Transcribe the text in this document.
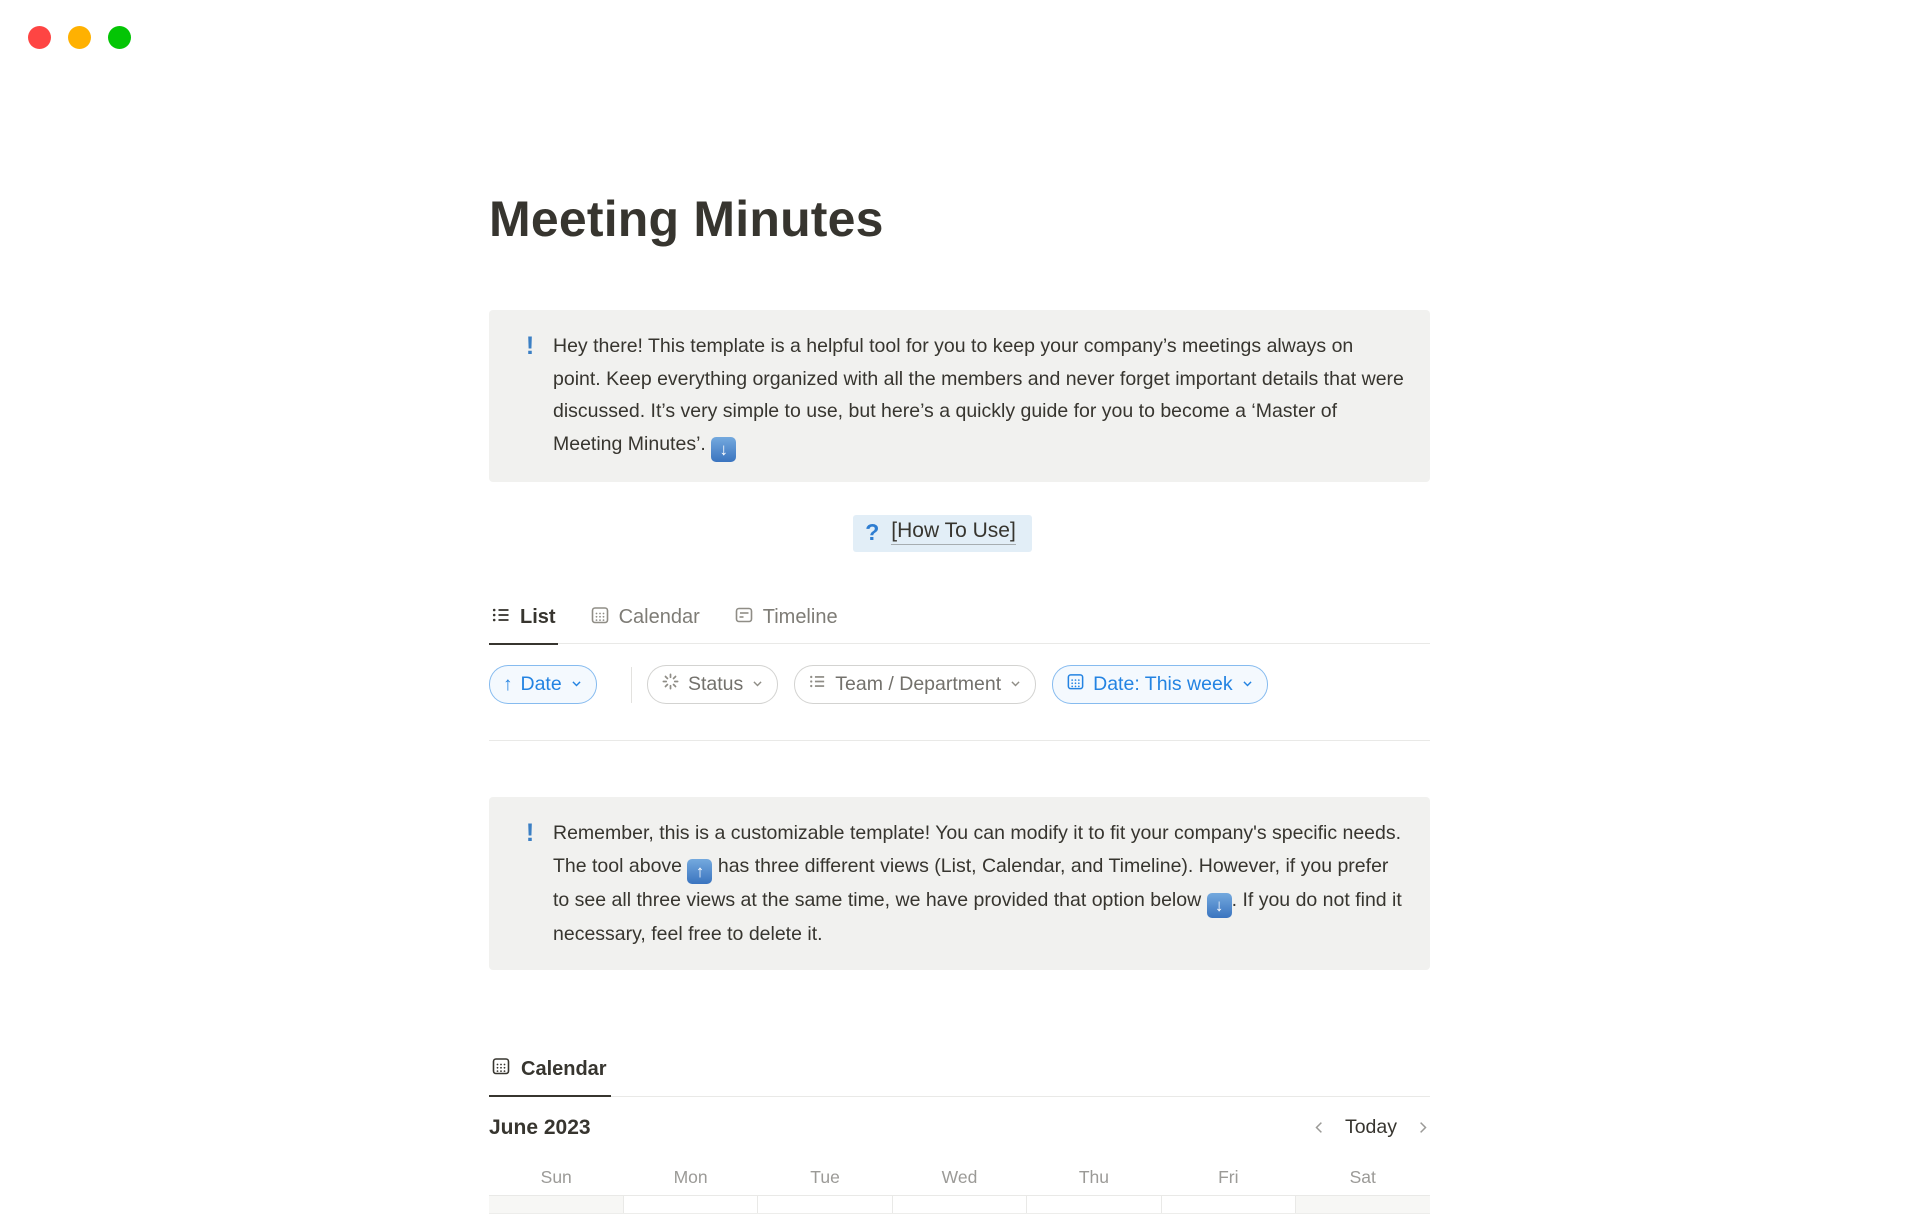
Meeting Minutes
! Hey there! This template is a helpful tool for you to keep your company’s meetings always on point. Keep everything organized with all the members and never forget important details that were discussed. It’s very simple to use, but here’s a quickly guide for you to become a ‘Master of Meeting Minutes’. ↓
? [How To Use]
List	Calendar	Timeline
↑ Date	Status	Team / Department	Date: This week
! Remember, this is a customizable template! You can modify it to fit your company's specific needs. The tool above ↑ has three different views (List, Calendar, and Timeline). However, if you prefer to see all three views at the same time, we have provided that option below ↓ . If you do not find it necessary, feel free to delete it.
Calendar
June 2023	Today
Sun	Mon	Tue	Wed	Thu	Fri	Sat
